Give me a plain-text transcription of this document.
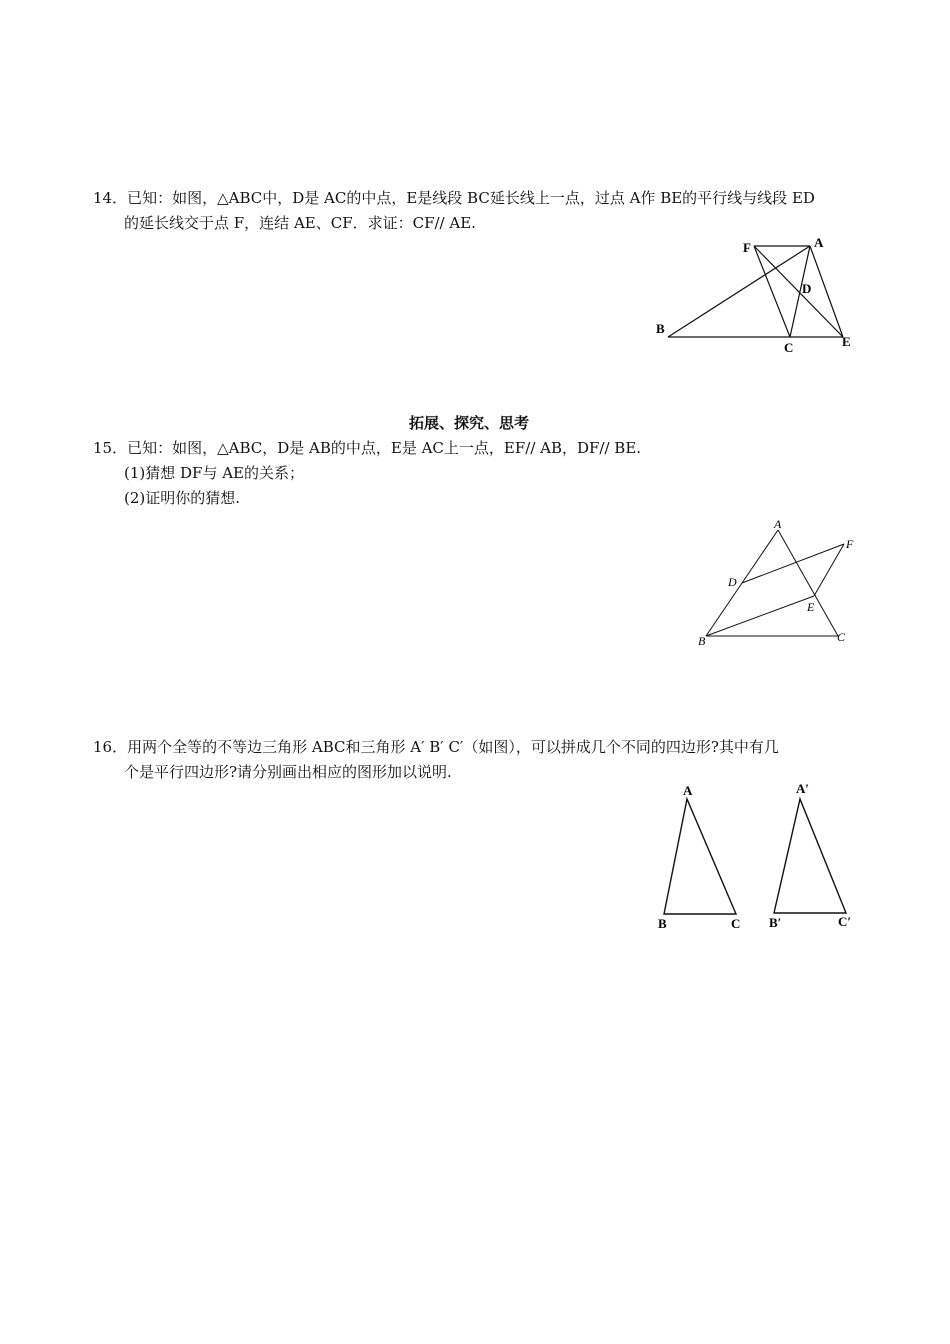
14．已知：如图，△ABC中，D是 AC的中点，E是线段 BC延长线上一点，过点 A作 BE的平行线与线段 ED
的延长线交于点 F，连结 AE、CF．求证：CF// AE.
F	A
D
B
C	E
拓展、探究、思考
15．已知：如图，△ABC，D是 AB的中点，E是 AC上一点，EF// AB，DF// BE.
(1)猜想 DF与 AE的关系；
(2)证明你的猜想.
A
F
D
E
B	C
16．用两个全等的不等边三角形 ABC和三角形 A′ B′ C′（如图），可以拼成几个不同的四边形?其中有几
个是平行四边形?请分别画出相应的图形加以说明.
A
B	C
A′
B′	C′
